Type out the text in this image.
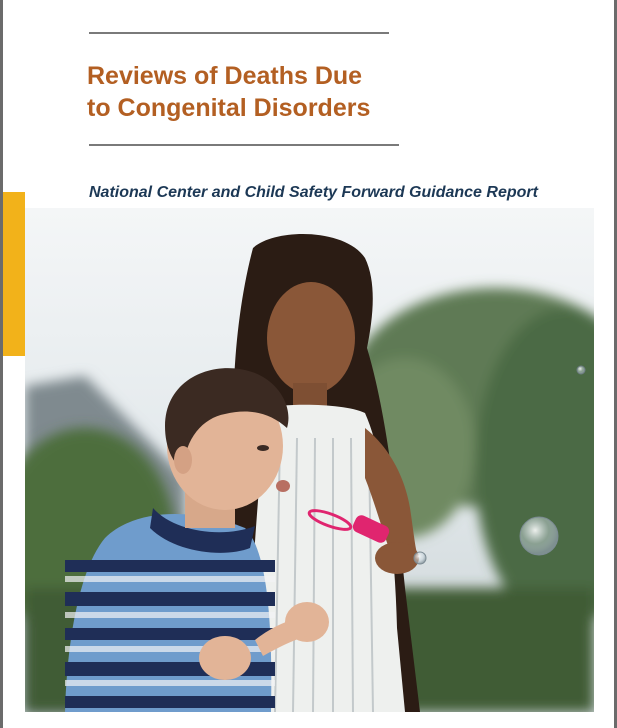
Reviews of Deaths Due
to Congenital Disorders
National Center and Child Safety Forward Guidance Report
